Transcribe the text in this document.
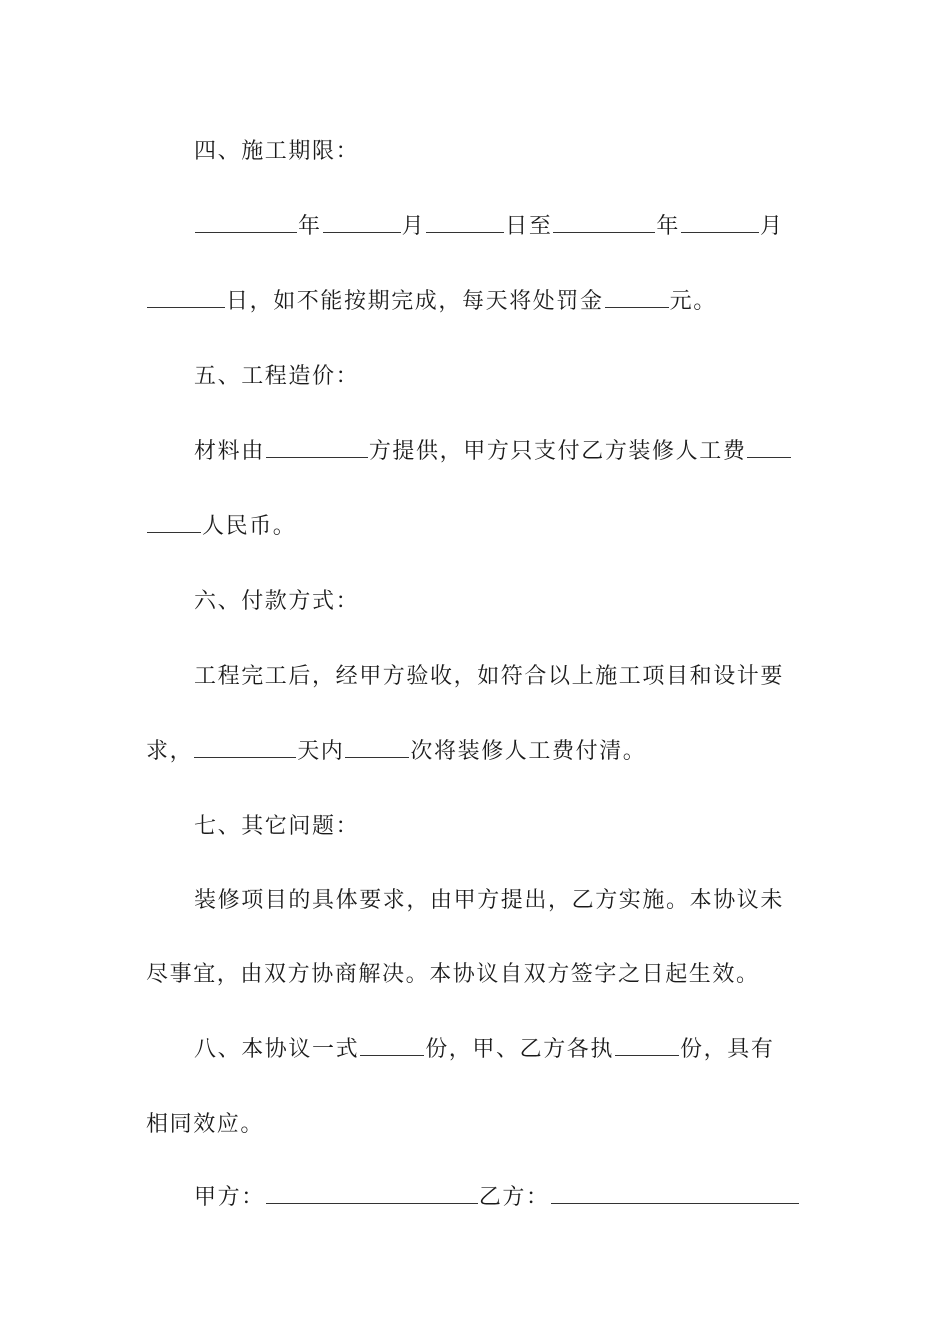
四、施工期限：
年	月	日至	年	月
日，如不能按期完成，每天将处罚金	元。
五、工程造价：
材料由	方提供，甲方只支付乙方装修人工费
人民币。
六、付款方式：
工程完工后，经甲方验收，如符合以上施工项目和设计要
求，	天内	次将装修人工费付清。
七、其它问题：
装修项目的具体要求，由甲方提出，乙方实施。本协议未
尽事宜，由双方协商解决。本协议自双方签字之日起生效。
八、本协议一式	份，甲、乙方各执	份，具有
相同效应。
甲方：	乙方：
